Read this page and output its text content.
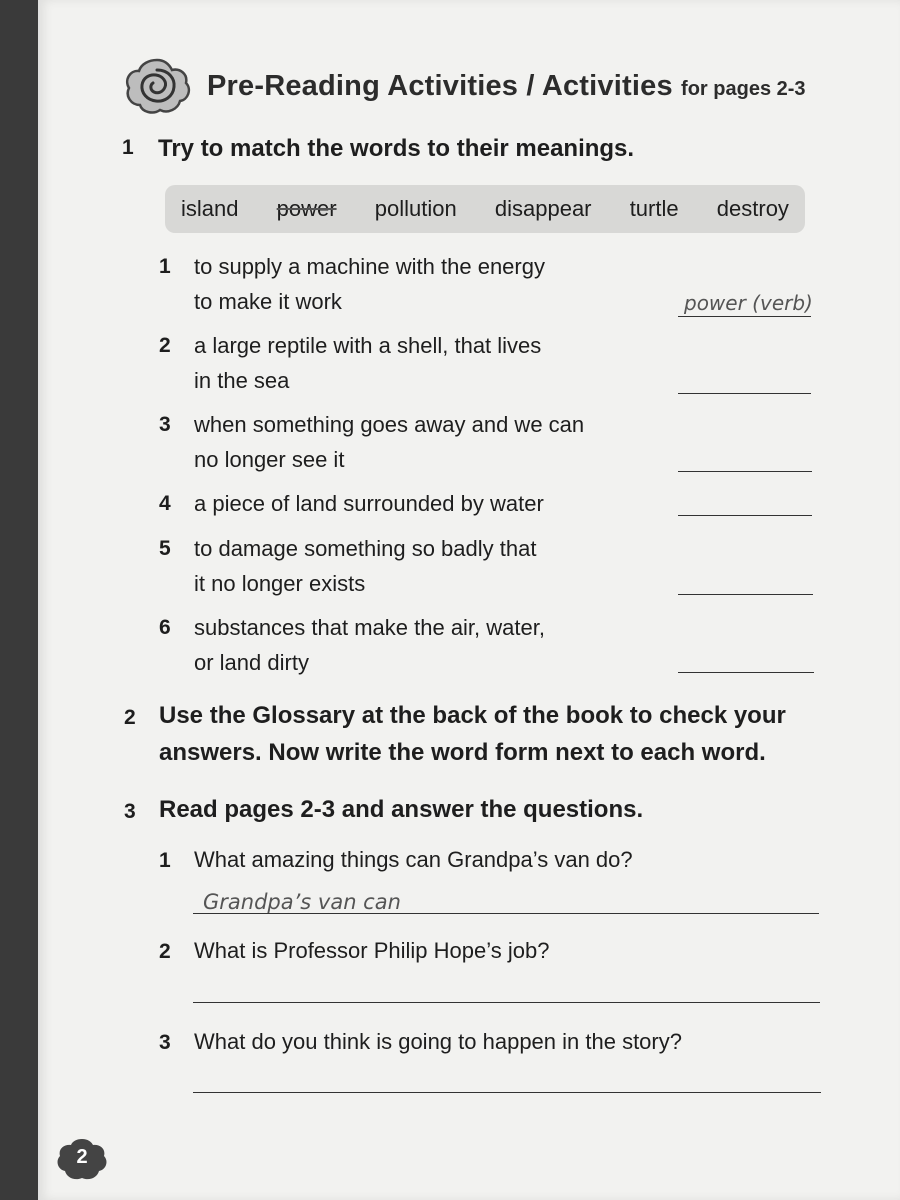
Pre-Reading Activities / Activities for pages 2-3
1 Try to match the words to their meanings.
island power pollution disappear turtle destroy
1 to supply a machine with the energy
to make it work	power (verb)
2 a large reptile with a shell, that lives
in the sea
3 when something goes away and we can
no longer see it
4 a piece of land surrounded by water
5 to damage something so badly that
it no longer exists
6 substances that make the air, water,
or land dirty
2 Use the Glossary at the back of the book to check your
answers. Now write the word form next to each word.
3 Read pages 2-3 and answer the questions.
1 What amazing things can Grandpa’s van do?
Grandpa’s van can
2 What is Professor Philip Hope’s job?
3 What do you think is going to happen in the story?
2
